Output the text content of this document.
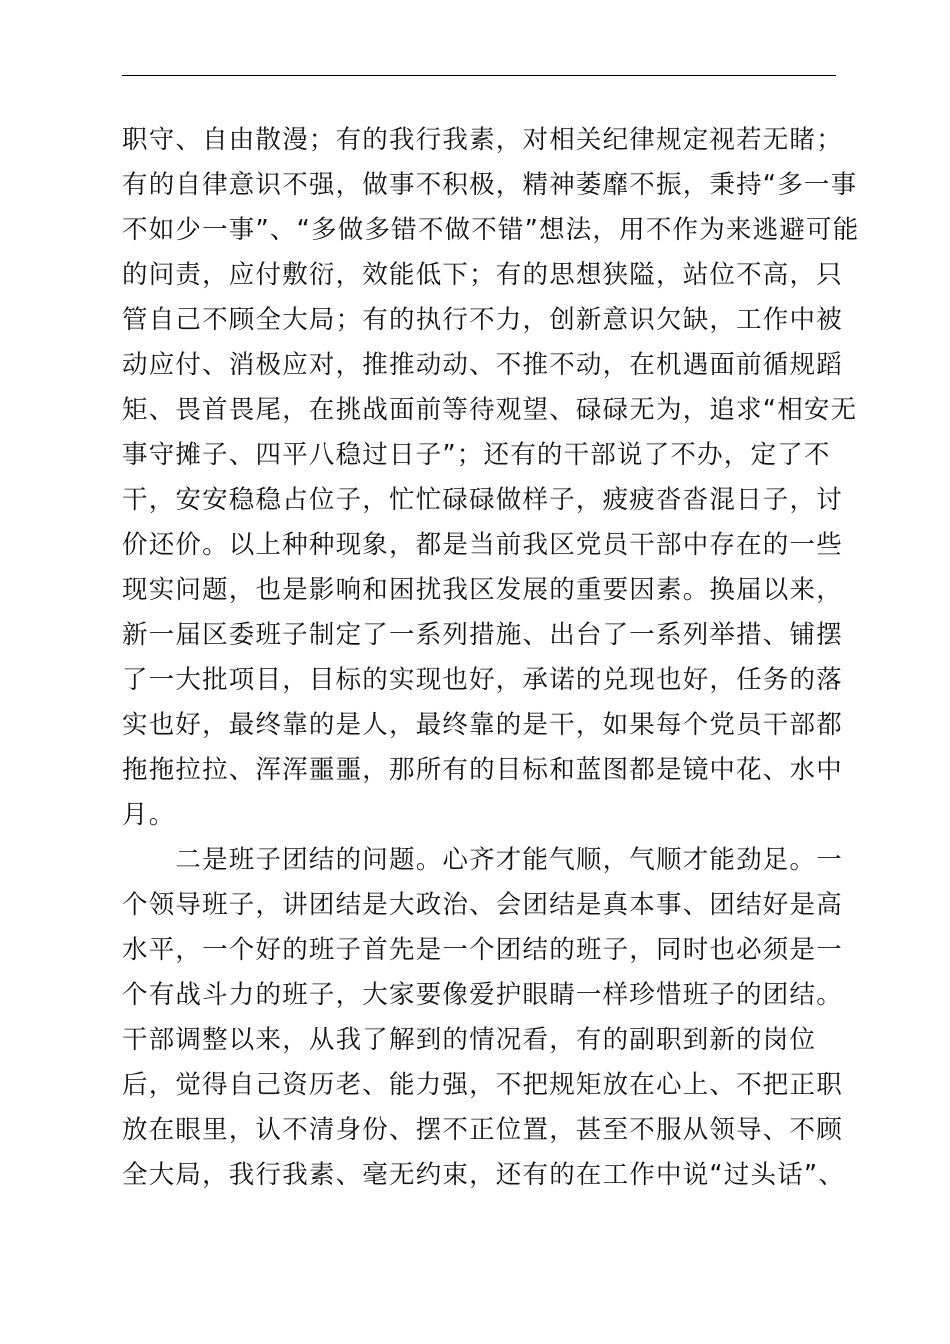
职守、自由散漫；有的我行我素，对相关纪律规定视若无睹；
有的自律意识不强，做事不积极，精神萎靡不振，秉持“多一事
不如少一事”、“多做多错不做不错”想法，用不作为来逃避可能
的问责，应付敷衍，效能低下；有的思想狭隘，站位不高，只
管自己不顾全大局；有的执行不力，创新意识欠缺，工作中被
动应付、消极应对，推推动动、不推不动，在机遇面前循规蹈
矩、畏首畏尾，在挑战面前等待观望、碌碌无为，追求“相安无
事守摊子、四平八稳过日子”；还有的干部说了不办，定了不
干，安安稳稳占位子，忙忙碌碌做样子，疲疲沓沓混日子，讨
价还价。以上种种现象，都是当前我区党员干部中存在的一些
现实问题，也是影响和困扰我区发展的重要因素。换届以来，
新一届区委班子制定了一系列措施、出台了一系列举措、铺摆
了一大批项目，目标的实现也好，承诺的兑现也好，任务的落
实也好，最终靠的是人，最终靠的是干，如果每个党员干部都
拖拖拉拉、浑浑噩噩，那所有的目标和蓝图都是镜中花、水中
月。
　　二是班子团结的问题。心齐才能气顺，气顺才能劲足。一
个领导班子，讲团结是大政治、会团结是真本事、团结好是高
水平，一个好的班子首先是一个团结的班子，同时也必须是一
个有战斗力的班子，大家要像爱护眼睛一样珍惜班子的团结。
干部调整以来，从我了解到的情况看，有的副职到新的岗位
后，觉得自己资历老、能力强，不把规矩放在心上、不把正职
放在眼里，认不清身份、摆不正位置，甚至不服从领导、不顾
全大局，我行我素、毫无约束，还有的在工作中说“过头话”、
